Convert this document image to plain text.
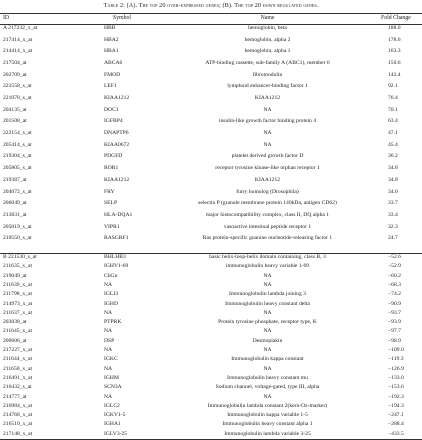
Table 2: (A). The top 20 over-expressed genes; (B). The top 20 down regulated genes.
ID	Symbol	Name	Fold Change
A 217232_x_at	HBB	hemoglobin, beta	188.0
217414_x_at	HBA2	hemoglobin, alpha 2	178.6
214414_x_at	HBA1	hemoglobin, alpha 1	163.3
217504_at	ABCA6	ATP-binding cassette, sub-family A (ABC1), member 6	150.6
202709_at	FMOD	fibromodulin	142.4
221558_s_at	LEF1	lymphoid enhancer-binding factor 1	92.1
221078_s_at	KIAA1212	KIAA1212	76.4
204135_at	DOC1	NA	70.1
201508_at	IGFBP4	insulin-like growth factor binding protein 4	63.4
222154_s_at	DNAPTP6	NA	47.1
205414_s_at	KIAA0672	NA	45.4
219304_s_at	PDGFD	platelet derived growth factor D	36.2
205805_s_at	ROR1	receptor tyrosine kinase-like orphan receptor 1	34.8
219387_at	KIAA1212	KIAA1212	34.8
204072_s_at	FRY	furry homolog (Drosophila)	34.0
206049_at	SELP	selectin P (granule membrane protein 140kDa, antigen CD62)	33.7
213831_at	HLA-DQA1	major histocompatibility complex, class II, DQ alpha 1	33.4
205019_s_at	VIPR1	vasoactive intestinal peptide receptor 1	32.3
210550_s_at	RASGRF1	Ras protein-specific guanine nucleotide-releasing factor 1	24.7
B 221530_s_at	BHLHB3	basic helix-loop-helix domain containing, class B, 3	−52.6
211635_x_at	IGHV1-69	immunoglobulin heavy variable 1-69	−52.9
219049_at	ChGn	NA	−60.2
211639_x_at	NA	NA	−68.3
211798_x_at	IGLJ3	Immunoglobulin lambda joining 3	−74.2
214973_x_at	IGHD	Immunoglobulin heavy constant delta	−90.9
211637_x_at	NA	NA	−93.7
203038_at	PTPRK	Protein tyrosine phosphate, receptor type, K	−93.9
211645_x_at	NA	NA	−97.7
200606_at	DSP	Desmoplakin	−98.9
217227_x_at	NA	NA	−109.0
211644_x_at	IGKC	Immunoglobulin kappa constant	−119.3
211650_x_at	NA	NA	−126.9
216491_x_at	IGHM	Immunoglobulin heavy constant mu	−133.0
210432_s_at	SCN3A	Sodium channel, voltage-gated, type III, alpha	−153.6
214777_at	NA	NA	−192.3
216984_x_at	IGLC2	Immunoglobulin lambda constant 2(kern-Oz-marker)	−194.3
214768_x_at	IGKV1-5	Immunoglobulin kappa variable 1-5	−247.1
216510_x_at	IGHA1	Immunoglobulin heavy constant alpha 1	−288.4
217148_x_at	IGLV3-25	Immunoglobulin lambda variable 3-25	−433.5
